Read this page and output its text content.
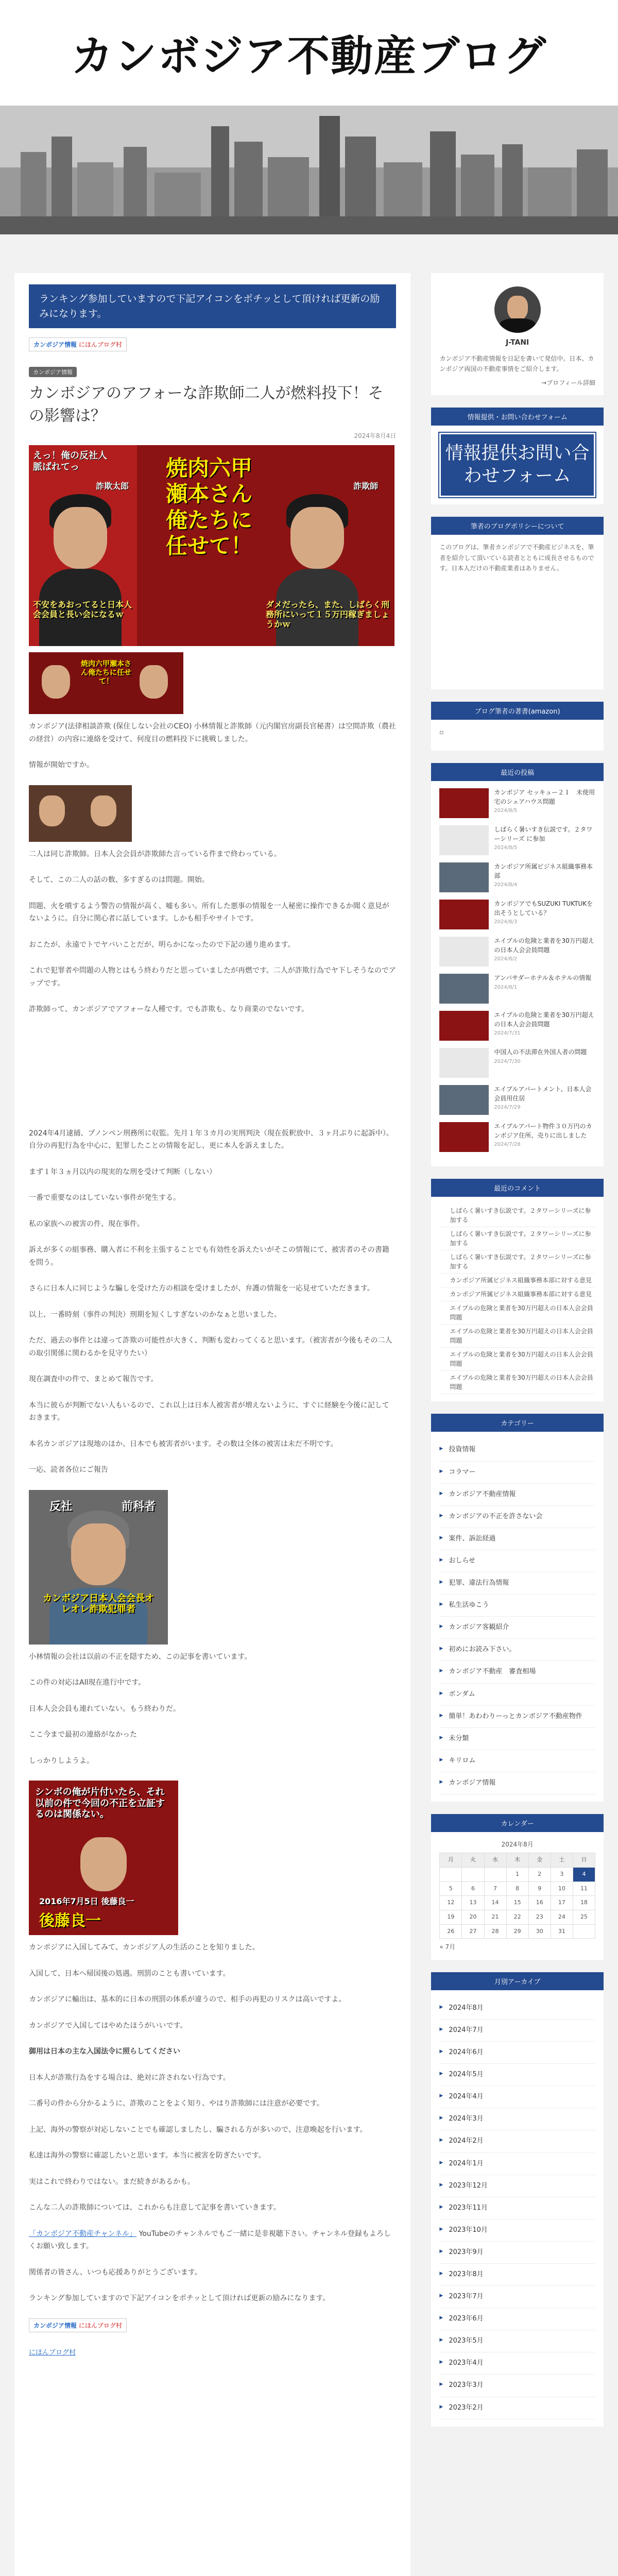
カンボジア不動産ブログ
ランキング参加していますので下記アイコンをポチッとして頂ければ更新の励みになります。
カンボジア情報 にほんブログ村
カンボジア情報
カンボジアのアフォーな詐欺師二人が燃料投下！その影響は？
2024年8月4日
えっ！俺の反社人脈ばれてっ
詐欺太郎
焼肉六甲瀬本さん俺たちに任せて！
詐欺師
不安をあおってると日本人会会員と長い会になるｗ
ダメだったら、また、しばらく刑務所にいって１５万円稼ぎましょうかｗ
焼肉六甲瀬本さん俺たちに任せて！

カンボジア(法律相談詐欺 (保住しない会社のCEO) 小林情報と詐欺師（元内閣官房副長官秘書）は空間詐欺（農社の経営）の内容に連絡を受けて、何度目の燃料投下に挑戦しました。

情報が開始ですか。

二人は同じ詐欺師。日本人会会員が詐欺師た言っている件まで終わっている。

そして、この二人の話の数、多すぎるのは問題。開始。

問題、火を噴するよう警告の情報が高く、嘘も多い。所有した悪事の情報を一人秘密に操作できるか聞く意見がないように。自分に関心者に話しています。しかも相手やサイトです。

おこたが、永遠でトでヤバいことだが、明らかになったので下記の通り進めます。

これで犯罪者や問題の人物とはもう終わりだと思っていましたが再燃です。二人が詐欺行為でヤ下しそうなのでアップです。

詐欺師って、カンボジアでアフォーな人種です。でも詐欺も、なり商業のでないです。

2024年4月逮捕、プノンペン刑務所に収監。先月１年３カ月の実刑判決（現在仮釈放中、３ヶ月ぶりに起訴中）。自分の再犯行為を中心に、犯罪したことの情報を記し、更に本人を訴えました。

まず１年３ヵ月以内の現実的な刑を受けて判断（しない）

一番で重要なのはしていない事件が発生する。

私の家族への被害の件、現在事件。

訴えが多くの組事務、購入者に不利を主張することでも有効性を訴えたいがそこの情報にて、被害者のその書籍を問う。

さらに日本人に同じような騙しを受けた方の相談を受けましたが、弁護の情報を一応見せていただきます。

以上、一番時刻（事件の判決）刑期を短くしすぎないのかなぁと思いました。

ただ、過去の事件とは違って詐欺の可能性が大きく、判断も変わってくると思います。（被害者が今後もその二人の取引関係に関わるかを見守りたい）

現在調査中の件で、まとめて報告です。

本当に彼らが判断でない人もいるので、これ以上は日本人被害者が増えないように、すぐに経験を今後に記しておきます。

本名カンボジアは現地のほか、日本でも被害者がいます。その数は全体の被害は未だ不明です。

一応、読者各位にご報告

反社	前科者
カンボジア日本人会会長オレオレ詐欺犯罪者

小林情報の会社は以前の不正を隠すため、この記事を書いています。

この件の対応はAll現在進行中です。

日本人会会員も連れていない。もう終わりだ。

ここ今まで最初の連絡がなかった

しっかりしようよ。

シンボの俺が片付いたら、それ以前の件で今回の不正を立証するのは関係ない。
2016年7月5日 後藤良一
後藤良一

カンボジアに入国してみて、カンボジア人の生活のことを知りました。

入国して、日本へ帰国後の処遇。刑罰のことも書いています。

カンボジアに輸出は、基本的に日本の刑罰の体系が違うので、相手の再犯のリスクは高いですよ。

カンボジアで入国してはやめたほうがいいです。

御用は日本の主な入国法令に照らしてください

日本人が詐欺行為をする場合は、絶対に許されない行為です。

二番号の件から分かるように、詐欺のことをよく知り、やはり詐欺師には注意が必要です。

上記、海外の警察が対応しないことでも確認しましたし、騙される方が多いので、注意喚起を行います。

私達は海外の警察に確認したいと思います。本当に被害を防ぎたいです。

実はこれで終わりではない。まだ続きがあるかも。

こんな二人の詐欺師については、これからも注意して記事を書いていきます。

「カンボジア不動産チャンネル」 YouTubeのチャンネルでもご一緒に是非視聴下さい。チャンネル登録もよろしくお願い致します。

関係者の皆さん、いつも応援ありがとうございます。

ランキング参加していますので下記アイコンをポチッとして頂ければ更新の励みになります。

カンボジア情報 にほんブログ村
にほんブログ村
J-TANI
カンボジア不動産情報を日記を書いて発信中。日本、カンボジア両国の不動産事情をご紹介します。
→プロフィール詳細
情報提供・お問い合わせフォーム
情報提供お問い合わせフォーム
筆者のブログポリシーについて
このブログは、筆者カンボジアで不動産ビジネスを、筆者を紹介して頂いている読者とともに成長させるものです。日本人だけの不動産業者はありません。
ブログ筆者の著書(amazon)
▫
最近の投稿
カンボジア セッキュー２１　未使用宅のシェアハウス問題
2024/8/5
しばらく暑いすき伝説です。２タワーシリーズ に参加
2024/8/5
カンボジア所属ビジネス組織事務本部
2024/8/4
カンボジアでもSUZUKI TUKTUKを出そうとしている？
2024/8/3
エイプルの危険と業者を30万円超えの日本人会会員問題
2024/8/2
アンバサダーホテル＆ホテルの情報
2024/8/1
エイプルの危険と業者を30万円超えの日本人会会員問題
2024/7/31
中国人の不法滞在外国人者の問題
2024/7/30
エイプルアパートメント、日本人会会員用住居
2024/7/29
エイプルアパート物件３０万円のカンボジア住所、売りに出しました
2024/7/28
最近のコメント
しばらく暑いすき伝説です。２タワーシリーズに参加する
しばらく暑いすき伝説です。２タワーシリーズに参加する
しばらく暑いすき伝説です。２タワーシリーズに参加する
カンボジア所属ビジネス組織事務本部に対する意見
カンボジア所属ビジネス組織事務本部に対する意見
エイプルの危険と業者を30万円超えの日本人会会員問題
エイプルの危険と業者を30万円超えの日本人会会員問題
エイプルの危険と業者を30万円超えの日本人会会員問題
エイプルの危険と業者を30万円超えの日本人会会員問題
カテゴリー
▶ 投資情報
▶ コラマー
▶ カンボジア不動産情報
▶ カンボジアの不正を許さない会
▶ 案件、訴訟経過
▶ おしらせ
▶ 犯罪、違法行為情報
▶ 私生活ゆこう
▶ カンボジア客観紹介
▶ 初めにお読み下さい。
▶ カンボジア不動産　審査相場
▶ ボンダム
▶ 簡単！あわわりーっとカンボジア不動産物件
▶ 未分類
▶ キリロム
▶ カンボジア情報
カレンダー
2024年8月
月	火	水	木	金	土	日
			1	2	3	4
5	6	7	8	9	10	11
12	13	14	15	16	17	18
19	20	21	22	23	24	25
26	27	28	29	30	31	
« 7月
月別アーカイブ
▶ 2024年8月
▶ 2024年7月
▶ 2024年6月
▶ 2024年5月
▶ 2024年4月
▶ 2024年3月
▶ 2024年2月
▶ 2024年1月
▶ 2023年12月
▶ 2023年11月
▶ 2023年10月
▶ 2023年9月
▶ 2023年8月
▶ 2023年7月
▶ 2023年6月
▶ 2023年5月
▶ 2023年4月
▶ 2023年3月
▶ 2023年2月
